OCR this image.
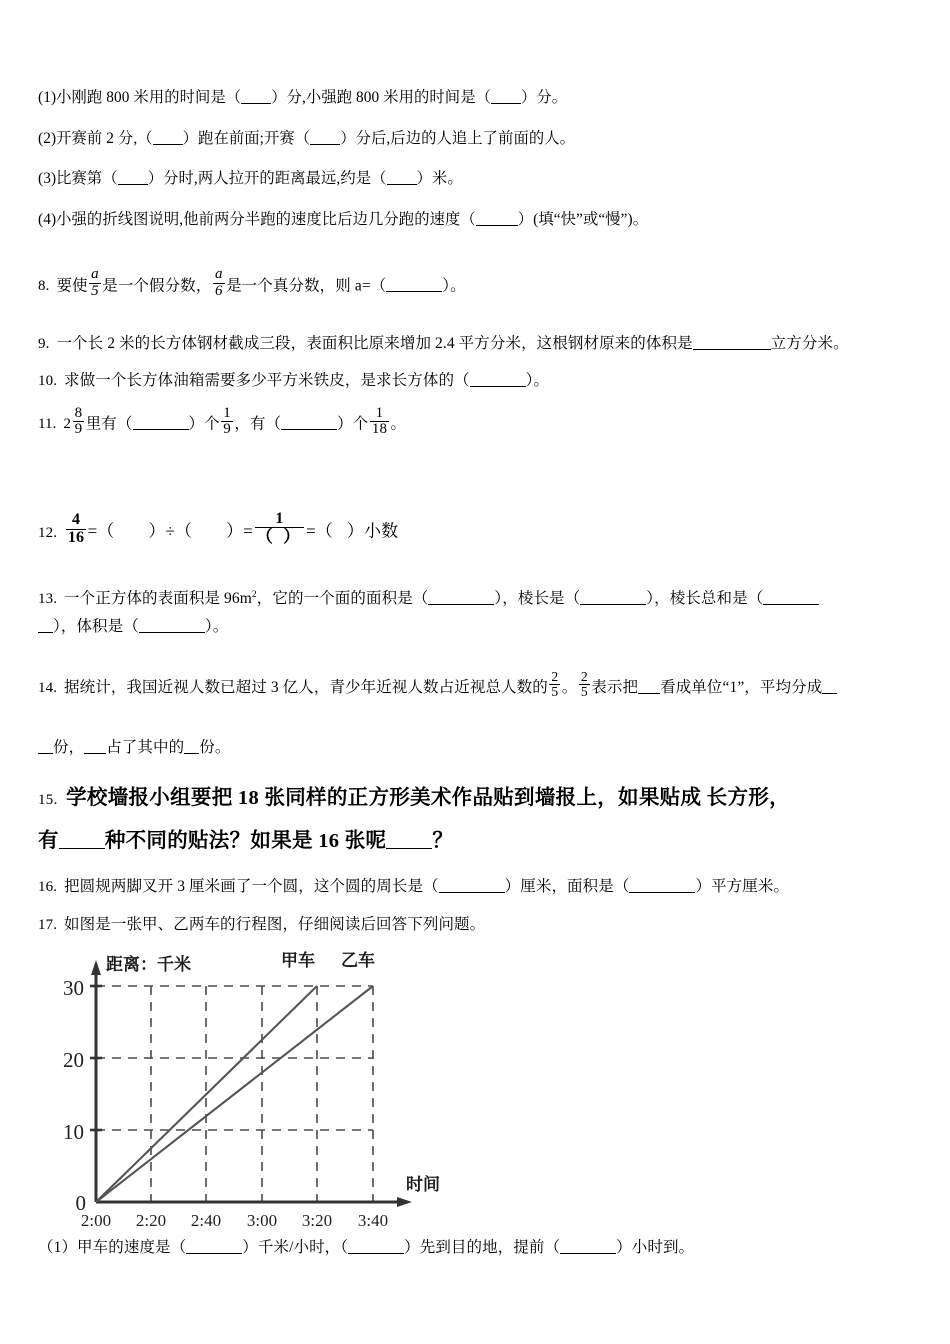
(1)小刚跑 800 米用的时间是（ ）分,小强跑 800 米用的时间是（ ）分。
(2)开赛前 2 分,（ ）跑在前面;开赛（ ）分后,后边的人追上了前面的人。
(3)比赛第（ ）分时,两人拉开的距离最远,约是（ ）米。
(4)小强的折线图说明,他前两分半跑的速度比后边几分跑的速度（	）(填“快”或“慢”)。
8. 要使 $\frac{a}{5}$ 是一个假分数， $\frac{a}{6}$ 是一个真分数，则 a=（	）。
9. 一个长 2 米的长方体钢材截成三段，表面积比原来增加 2.4 平方分米，这根钢材原来的体积是	立方分米。
10. 求做一个长方体油箱需要多少平方米铁皮，是求长方体的（	）。
11. $2 \frac{8}{9}$ 里有（	）个 $\frac{1}{9}$ ，有（	）个 $\frac{1}{18}$ 。
12. $\frac{4}{16}$ =（ ）÷（ ）=
1
（ ） =（ ）小数
13. 一个正方体的表面积是 $96m^2$，它的一个面的面积是（	），棱长是（	），棱长总和是（
），体积是（	）。
14. 据统计，我国近视人数已超过 3 亿人，青少年近视人数占近视总人数的 $\frac{2}{5}$ 。 $\frac{2}{5}$ 表示把 看成单位“1”，平均分成
份， 占了其中的 份。
15. 学校墙报小组要把 18 张同样的正方形美术作品贴到墙报上，如果贴成 长方形，
有 种不同的贴法？如果是 16 张呢 ？
16. 把圆规两脚叉开 3 厘米画了一个圆，这个圆的周长是（	）厘米，面积是（	）平方厘米。
17. 如图是一张甲、乙两车的行程图，仔细阅读后回答下列问题。
30
20
10
0
距离：千米
时间
甲车 乙车
2:00 2:20 2:40 3:00 3:20 3:40
（1）甲车的速度是（	）千米/小时，（	）先到目的地，提前（	）小时到。
